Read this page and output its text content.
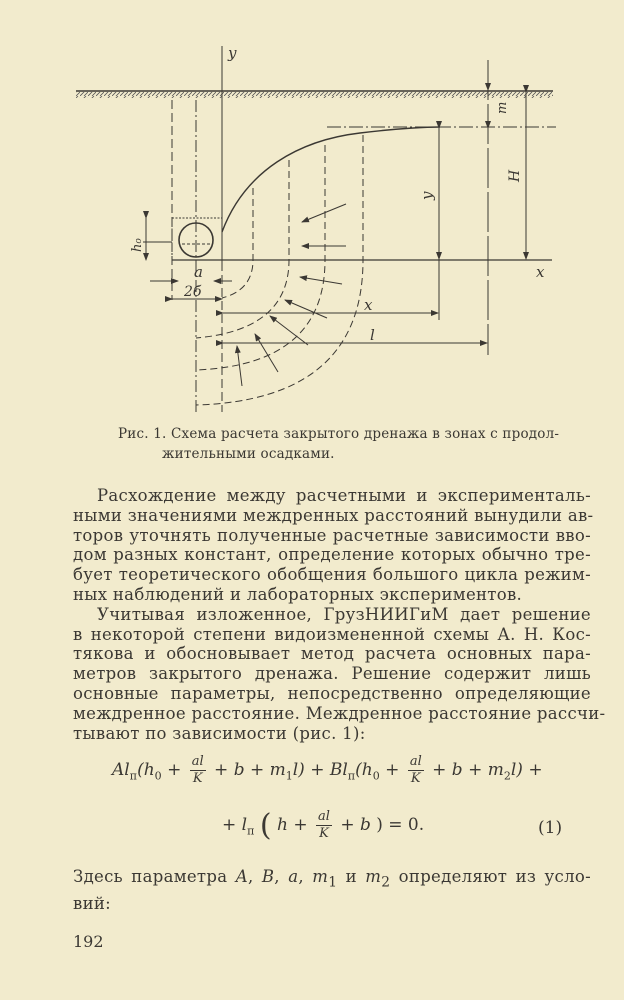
y
x
m
H
y
ho
a
2б
x
l
Рис. 1. Схема расчета закрытого дренажа в зонах с продол-
жительными осадками.
Расхождение между расчетными и эксперименталь-
ными значениями междренных расстояний вынудили ав-
торов уточнять полученные расчетные зависимости вво-
дом разных констант, определение которых обычно тре-
бует теоретического обобщения большого цикла режим-
ных наблюдений и лабораторных экспериментов.
Учитывая изложенное, ГрузНИИГиМ дает решение
в некоторой степени видоизмененной схемы А. Н. Кос-
тякова и обосновывает метод расчета основных пара-
метров закрытого дренажа. Решение содержит лишь
основные параметры, непосредственно определяющие
междренное расстояние. Междренное расстояние рассчи-
тывают по зависимости (рис. 1):
$Al_п(h_0 + \frac{al}{K} + b + m_1l) + Bl_п(h_0 + \frac{al}{K} + b + m_2l)$ +
+ $l_п$ ( $h + \frac{al}{K} + b$ ) = 0.	(1)
Здесь параметра A, B, a, $m_1$ и $m_2$ определяют из усло-
вий:
192
